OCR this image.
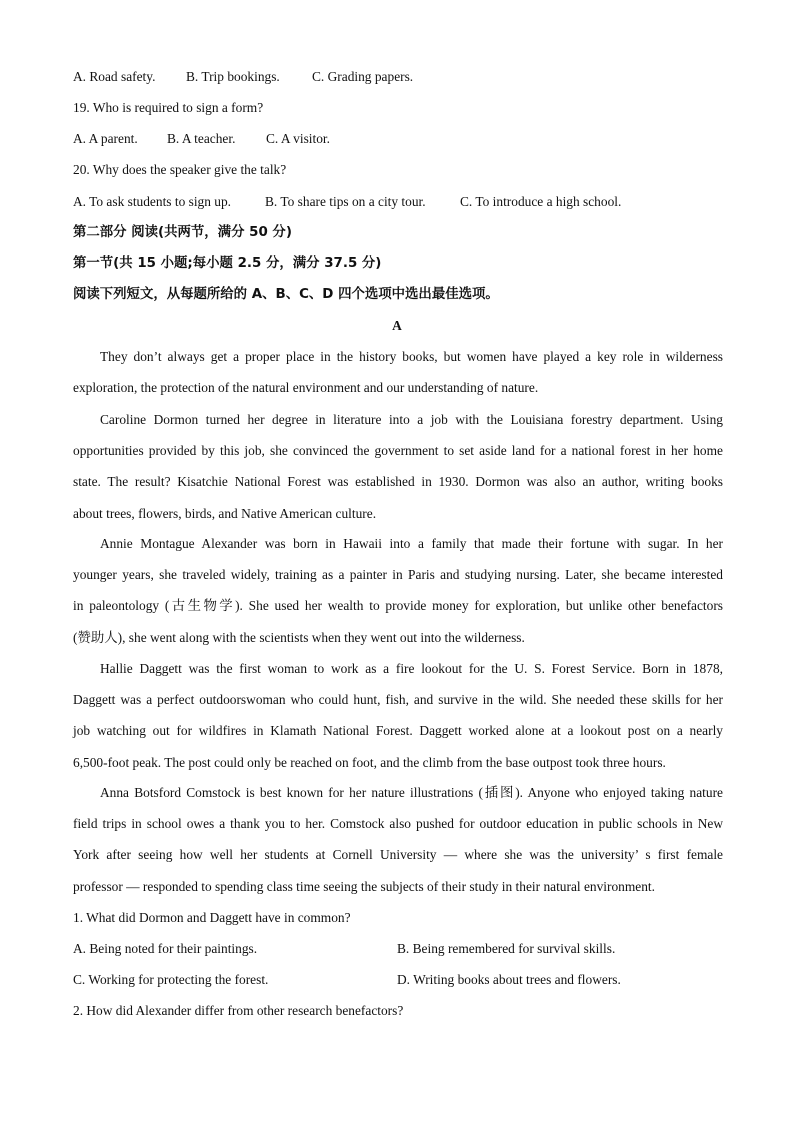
A. Road safety. B. Trip bookings. C. Grading papers.
19. Who is required to sign a form?
A. A parent. B. A teacher. C. A visitor.
20. Why does the speaker give the talk?
A. To ask students to sign up.	B. To share tips on a city tour.	C. To introduce a high school.
第二部分 阅读(共两节，满分 50 分)
第一节(共 15 小题;每小题 2.5 分，满分 37.5 分)
阅读下列短文，从每题所给的 A、B、C、D 四个选项中选出最佳选项。
A
They don’t always get a proper place in the history books, but women have played a key role in wilderness
exploration, the protection of the natural environment and our understanding of nature.
Caroline Dormon turned her degree in literature into a job with the Louisiana forestry department. Using
opportunities provided by this job, she convinced the government to set aside land for a national forest in her home
state. The result? Kisatchie National Forest was established in 1930. Dormon was also an author, writing books
about trees, flowers, birds, and Native American culture.
Annie Montague Alexander was born in Hawaii into a family that made their fortune with sugar. In her
younger years, she traveled widely, training as a painter in Paris and studying nursing. Later, she became interested
in paleontology (古生物学). She used her wealth to provide money for exploration, but unlike other benefactors
(赞助人), she went along with the scientists when they went out into the wilderness.
Hallie Daggett was the first woman to work as a fire lookout for the U. S. Forest Service. Born in 1878,
Daggett was a perfect outdoorswoman who could hunt, fish, and survive in the wild. She needed these skills for her
job watching out for wildfires in Klamath National Forest. Daggett worked alone at a lookout post on a nearly
6,500-foot peak. The post could only be reached on foot, and the climb from the base outpost took three hours.
Anna Botsford Comstock is best known for her nature illustrations (插图). Anyone who enjoyed taking nature
field trips in school owes a thank you to her. Comstock also pushed for outdoor education in public schools in New
York after seeing how well her students at Cornell University — where she was the university’ s first female
professor — responded to spending class time seeing the subjects of their study in their natural environment.
1. What did Dormon and Daggett have in common?
A. Being noted for their paintings.	B. Being remembered for survival skills.
C. Working for protecting the forest.	D. Writing books about trees and flowers.
2. How did Alexander differ from other research benefactors?
